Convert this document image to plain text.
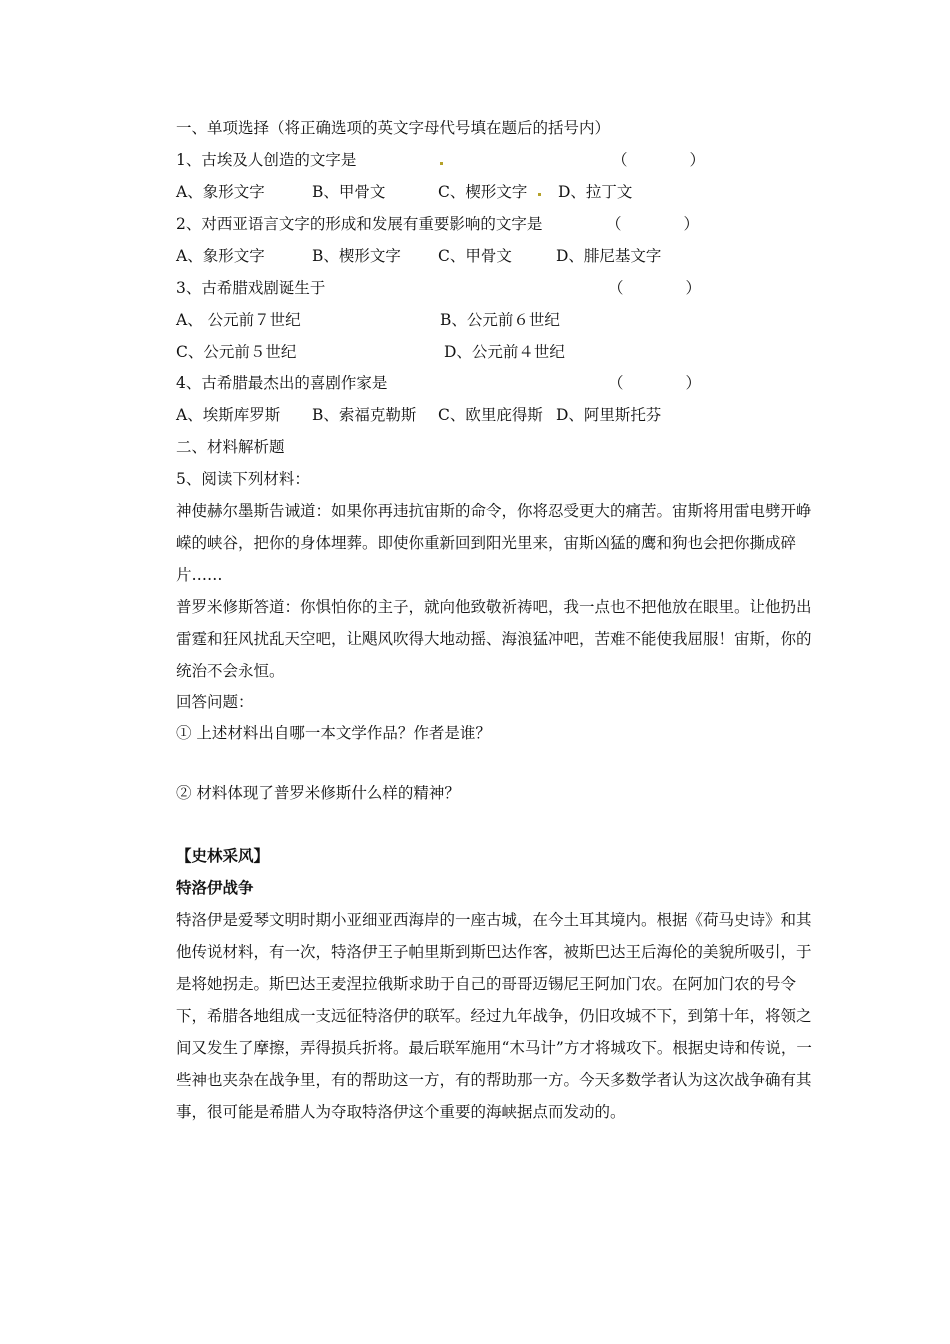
一、单项选择（将正确选项的英文字母代号填在题后的括号内）
1、古埃及人创造的文字是	（　　　　）
A、象形文字	B、甲骨文	C、楔形文字 D、拉丁文
2、对西亚语言文字的形成和发展有重要影响的文字是	（　　　　）
A、象形文字	B、楔形文字 C、甲骨文	D、腓尼基文字
3、古希腊戏剧诞生于	（　　　　）
A、 公元前７世纪	B、公元前６世纪
C、公元前５世纪	D、公元前４世纪
4、古希腊最杰出的喜剧作家是	（　　　　）
A、埃斯库罗斯 B、索福克勒斯 C、欧里庇得斯 D、阿里斯托芬
二、材料解析题
5、阅读下列材料：
神使赫尔墨斯告诫道：如果你再违抗宙斯的命令，你将忍受更大的痛苦。宙斯将用雷电劈开峥嵘的峡谷，把你的身体埋葬。即使你重新回到阳光里来，宙斯凶猛的鹰和狗也会把你撕成碎片……
普罗米修斯答道：你惧怕你的主子，就向他致敬祈祷吧，我一点也不把他放在眼里。让他扔出雷霆和狂风扰乱天空吧，让飓风吹得大地动摇、海浪猛冲吧，苦难不能使我屈服！宙斯，你的统治不会永恒。
回答问题：
① 上述材料出自哪一本文学作品？作者是谁？
② 材料体现了普罗米修斯什么样的精神？
【史林采风】
特洛伊战争
特洛伊是爱琴文明时期小亚细亚西海岸的一座古城，在今土耳其境内。根据《荷马史诗》和其他传说材料，有一次，特洛伊王子帕里斯到斯巴达作客，被斯巴达王后海伦的美貌所吸引，于是将她拐走。斯巴达王麦涅拉俄斯求助于自己的哥哥迈锡尼王阿加门农。在阿加门农的号令下，希腊各地组成一支远征特洛伊的联军。经过九年战争，仍旧攻城不下，到第十年，将领之间又发生了摩擦，弄得损兵折将。最后联军施用“木马计”方才将城攻下。根据史诗和传说，一些神也夹杂在战争里，有的帮助这一方，有的帮助那一方。今天多数学者认为这次战争确有其事，很可能是希腊人为夺取特洛伊这个重要的海峡据点而发动的。
